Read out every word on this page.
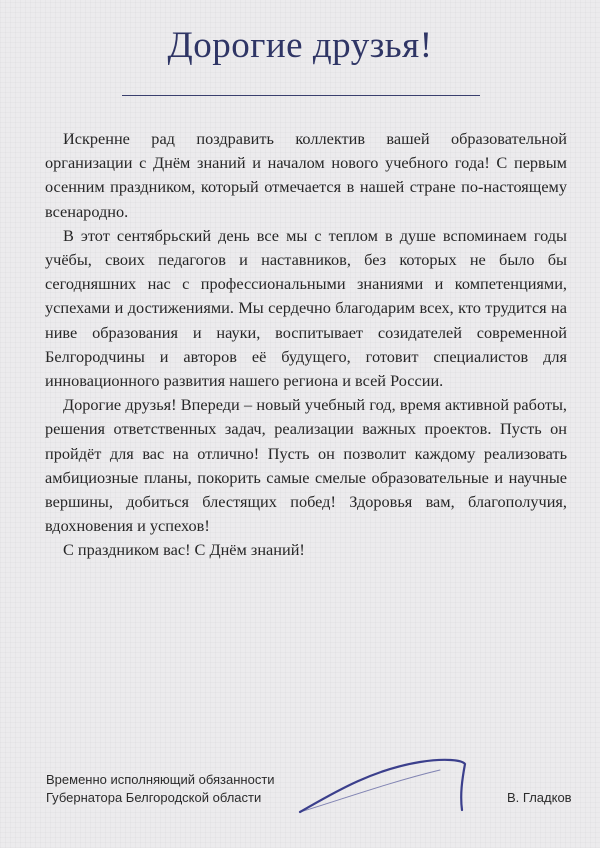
Дорогие друзья!

Искренне рад поздравить коллектив вашей образовательной организации с Днём знаний и началом нового учебного года! С первым осенним праздником, который отмечается в нашей стране по-настоящему всенародно.

В этот сентябрьский день все мы с теплом в душе вспоминаем годы учёбы, своих педагогов и наставников, без которых не было бы сегодняшних нас с профессиональными знаниями и компетенциями, успехами и достижениями. Мы сердечно благодарим всех, кто трудится на ниве образования и науки, воспитывает созидателей современной Белгородчины и авторов её будущего, готовит специалистов для инновационного развития нашего региона и всей России.

Дорогие друзья! Впереди – новый учебный год, время активной работы, решения ответственных задач, реализации важных проектов. Пусть он пройдёт для вас на отлично! Пусть он позволит каждому реализовать амбициозные планы, покорить самые смелые образовательные и научные вершины, добиться блестящих побед! Здоровья вам, благополучия, вдохновения и успехов!

С праздником вас! С Днём знаний!

Временно исполняющий обязанности
Губернатора Белгородской области	В. Гладков
